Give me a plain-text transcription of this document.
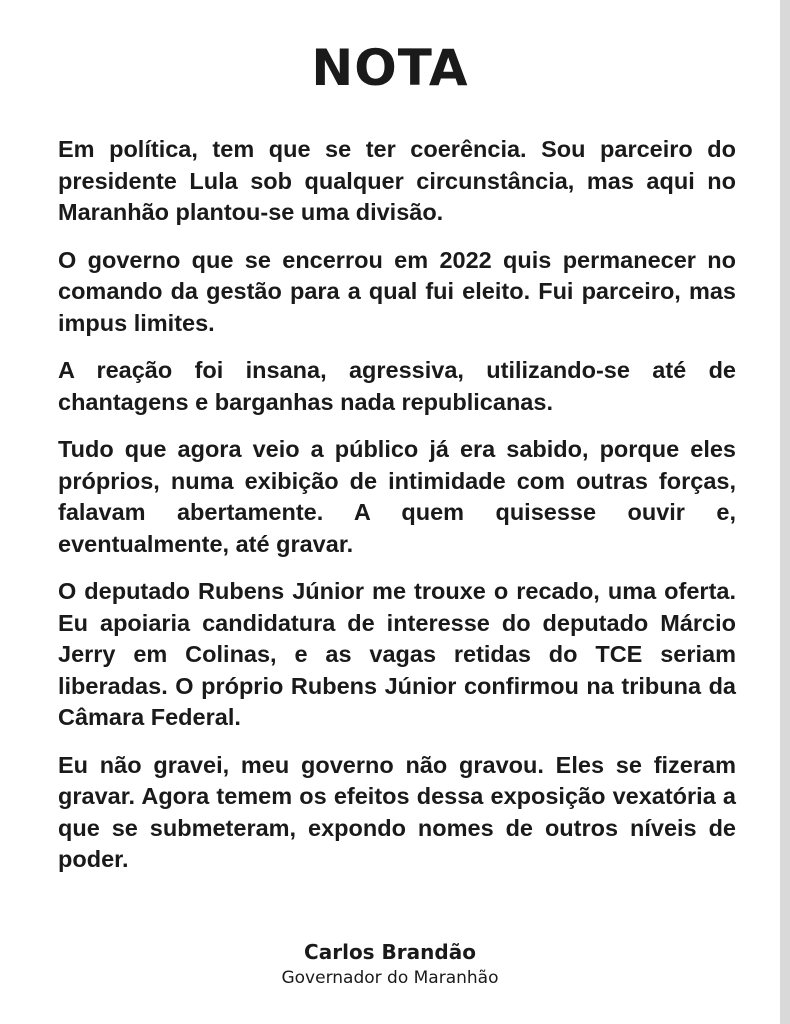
NOTA

Em política, tem que se ter coerência. Sou parceiro do presidente Lula sob qualquer circunstância, mas aqui no Maranhão plantou-se uma divisão.

O governo que se encerrou em 2022 quis permanecer no comando da gestão para a qual fui eleito. Fui parceiro, mas impus limites.

A reação foi insana, agressiva, utilizando-se até de chantagens e barganhas nada republicanas.

Tudo que agora veio a público já era sabido, porque eles próprios, numa exibição de intimidade com outras forças, falavam abertamente. A quem quisesse ouvir e, eventualmente, até gravar.

O deputado Rubens Júnior me trouxe o recado, uma oferta. Eu apoiaria candidatura de interesse do deputado Márcio Jerry em Colinas, e as vagas retidas do TCE seriam liberadas. O próprio Rubens Júnior confirmou na tribuna da Câmara Federal.

Eu não gravei, meu governo não gravou. Eles se fizeram gravar. Agora temem os efeitos dessa exposição vexatória a que se submeteram, expondo nomes de outros níveis de poder.

Carlos Brandão
Governador do Maranhão
